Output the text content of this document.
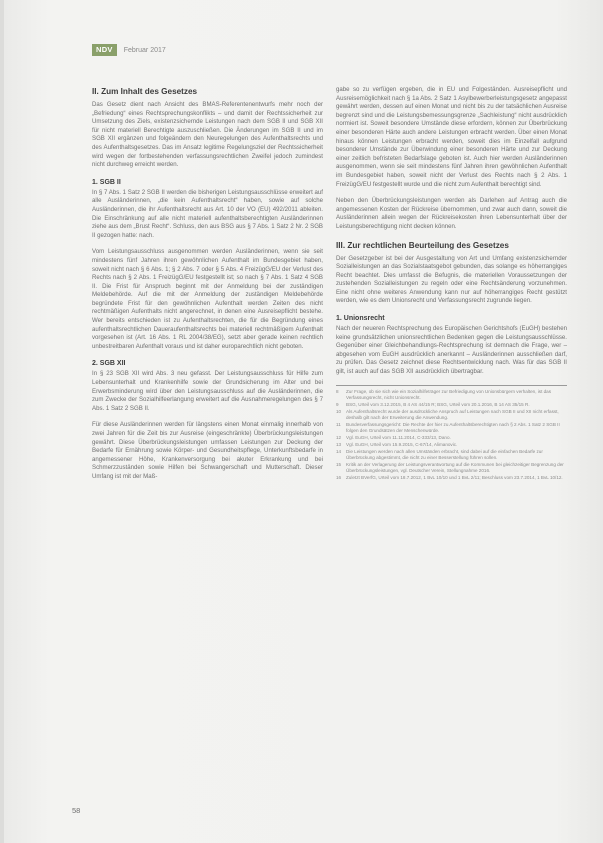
NDV	Februar 2017
II. Zum Inhalt des Gesetzes

Das Gesetz dient nach Ansicht des BMAS-Referentenentwurfs mehr noch der „Befriedung“ eines Rechtsprechungskonflikts – und damit der Rechtssicherheit zur Umsetzung des Ziels, existenzsichernde Leistungen nach dem SGB II und SGB XII für nicht materiell Berechtigte auszuschließen. Die Änderungen im SGB II und im SGB XII ergänzen und folgeändern den Neuregelungen des Aufenthaltsrechts und des Aufenthaltsgesetzes. Das im Ansatz legitime Regelungsziel der Rechtssicherheit wird wegen der fortbestehenden verfassungsrechtlichen Zweifel jedoch zumindest nicht durchweg erreicht werden.

1. SGB II

In § 7 Abs. 1 Satz 2 SGB II werden die bisherigen Leistungsausschlüsse erweitert auf alle Ausländerinnen, „die kein Aufenthaltsrecht“ haben, sowie auf solche Ausländerinnen, die ihr Aufenthaltsrecht aus Art. 10 der VO (EU) 492/2011 ableiten. Die Einschränkung auf alle nicht materiell aufenthaltsberechtigten Ausländerinnen ziehe aus dem „Brust Recht“. Schluss, den aus BSG aus § 7 Abs. 1 Satz 2 Nr. 2 SGB II gezogen hatte: nach.

Vom Leistungsausschluss ausgenommen werden Ausländerinnen, wenn sie seit mindestens fünf Jahren ihren gewöhnlichen Aufenthalt im Bundesgebiet haben, soweit nicht nach § 6 Abs. 1; § 2 Abs. 7 oder § 5 Abs. 4 FreizügG/EU der Verlust des Rechts nach § 2 Abs. 1 FreizügG/EU festgestellt ist; so nach § 7 Abs. 1 Satz 4 SGB II. Die Frist für Anspruch beginnt mit der Anmeldung bei der zuständigen Meldebehörde. Auf die mit der Anmeldung der zuständigen Meldebehörde begründete Frist für den gewöhnlichen Aufenthalt werden Zeiten des nicht rechtmäßigen Aufenthalts nicht angerechnet, in denen eine Ausreisepflicht bestehe. Wer bereits entschieden ist zu Aufenthaltsrechten, die für die Begründung eines aufenthaltsrechtlichen Daueraufenthaltsrechts bei materiell rechtmäßigem Aufenthalt vorgesehen ist (Art. 16 Abs. 1 RL 2004/38/EG), setzt aber gerade keinen rechtlich unbestreitbaren Aufenthalt voraus und ist daher europarechtlich nicht geboten.

2. SGB XII

In § 23 SGB XII wird Abs. 3 neu gefasst. Der Leistungsausschluss für Hilfe zum Lebensunterhalt und Krankenhilfe sowie der Grundsicherung im Alter und bei Erwerbsminderung wird über den Leistungsausschluss auf die Ausländerinnen, die zum Zwecke der Sozialhilfeerlangung erweitert auf die Ausnahmeregelungen des § 7 Abs. 1 Satz 2 SGB II.

Für diese Ausländerinnen werden für längstens einen Monat einmalig innerhalb von zwei Jahren für die Zeit bis zur Ausreise (eingeschränkte) Überbrückungsleistungen gewährt. Diese Überbrückungsleistungen umfassen Leistungen zur Deckung der Bedarfe für Ernährung sowie Körper- und Gesundheitspflege, Unterkunftsbedarfe in angemessener Höhe, Krankenversorgung bei akuter Erkrankung und bei Schmerzzuständen sowie Hilfen bei Schwangerschaft und Mutterschaft. Dieser Umfang ist mit der Maß-

gabe so zu verfügen ergeben, die in EU und Folgeständen. Ausreisepflicht und Ausreisemöglichkeit nach § 1a Abs. 2 Satz 1 Asylbewerberleistungsgesetz angepasst gewährt werden, dessen auf einen Monat und nicht bis zu der tatsächlichen Ausreise begrenzt sind und die Leistungsbemessungsgrenze „Sachleistung“ nicht ausdrücklich normiert ist. Soweit besondere Umstände diese erfordern, können zur Überbrückung einer besonderen Härte auch andere Leistungen erbracht werden. Über einen Monat hinaus können Leistungen erbracht werden, soweit dies im Einzelfall aufgrund besonderer Umstände zur Überwindung einer besonderen Härte und zur Deckung einer zeitlich befristeten Bedarfslage geboten ist. Auch hier werden Ausländerinnen ausgenommen, wenn sie seit mindestens fünf Jahren ihren gewöhnlichen Aufenthalt im Bundesgebiet haben, soweit nicht der Verlust des Rechts nach § 2 Abs. 1 FreizügG/EU festgestellt wurde und die nicht zum Aufenthalt berechtigt sind.

Neben den Überbrückungsleistungen werden als Darlehen auf Antrag auch die angemessenen Kosten der Rückreise übernommen, und zwar auch dann, soweit die Ausländerinnen allein wegen der Rückreisekosten ihren Lebensunterhalt über der Leistungsberechtigung nicht decken können.

III. Zur rechtlichen Beurteilung des Gesetzes

Der Gesetzgeber ist bei der Ausgestaltung von Art und Umfang existenzsichernder Sozialleistungen an das Sozialstaatsgebot gebunden, das solange es höherrangiges Recht beachtet. Dies umfasst die Befugnis, die materiellen Voraussetzungen der zustehenden Sozialleistungen zu regeln oder eine Rechtsänderung vorzunehmen. Eine nicht ohne weiteres Anwendung kann nur auf höherrangiges Recht gestützt werden, wie es dem Unionsrecht und Verfassungsrecht zugrunde liegen.

1. Unionsrecht

Nach der neueren Rechtsprechung des Europäischen Gerichtshofs (EuGH) bestehen keine grundsätzlichen unionsrechtlichen Bedenken gegen die Leistungsausschlüsse. Gegenüber einer Gleichbehandlungs-Rechtsprechung ist demnach die Frage, wer – abgesehen vom EuGH ausdrücklich anerkannt – Ausländerinnen ausschließen darf, zu prüfen. Das Gesetz zeichnet diese Rechtsentwicklung nach. Was für das SGB II gilt, ist auch auf das SGB XII ausdrücklich übertragbar.

8	Zur Frage, ob sie sich wie ein Sozialhilfeträger zur Befriedigung von Unionsbürgern verhalten, ist das Verfassungsrecht, nicht Unionsrecht.
9	BSG, Urteil vom 3.12.2015, B 4 AS 44/15 R; BSG, Urteil vom 20.1.2016, B 14 AS 35/15 R.
10	Als Aufenthaltsrecht wurde der ausdrückliche Anspruch auf Leistungen nach SGB II und XII nicht erfasst, deshalb gilt nach der Erweiterung die Anwendung.
11	Bundesverfassungsgericht: Die Rechte der hier zu Aufenthaltsberechtigten nach § 2 Abs. 1 Satz 2 SGB II folgen den Grundsätzen der Menschenwürde.
12	Vgl. EuGH, Urteil vom 11.11.2014, C-333/13, Dano.
13	Vgl. EuGH, Urteil vom 15.9.2015, C-67/14, Alimanovic.
14	Die Leistungen werden nach allen Umständen erbracht, sind dabei auf die einfachen Bedarfe zur Überbrückung abgestimmt, die nicht zu einer Besserstellung führen sollen.
15	Kritik an der Verlagerung der Leistungsverantwortung auf die Kommunen bei gleichzeitiger Begrenzung der Überbrückungsleistungen, vgl. Deutscher Verein, Stellungnahme 2016.
16	Zuletzt BVerfG, Urteil vom 18.7.2012, 1 BvL 10/10 und 1 BvL 2/11; Beschluss vom 23.7.2014, 1 BvL 10/12.
58
